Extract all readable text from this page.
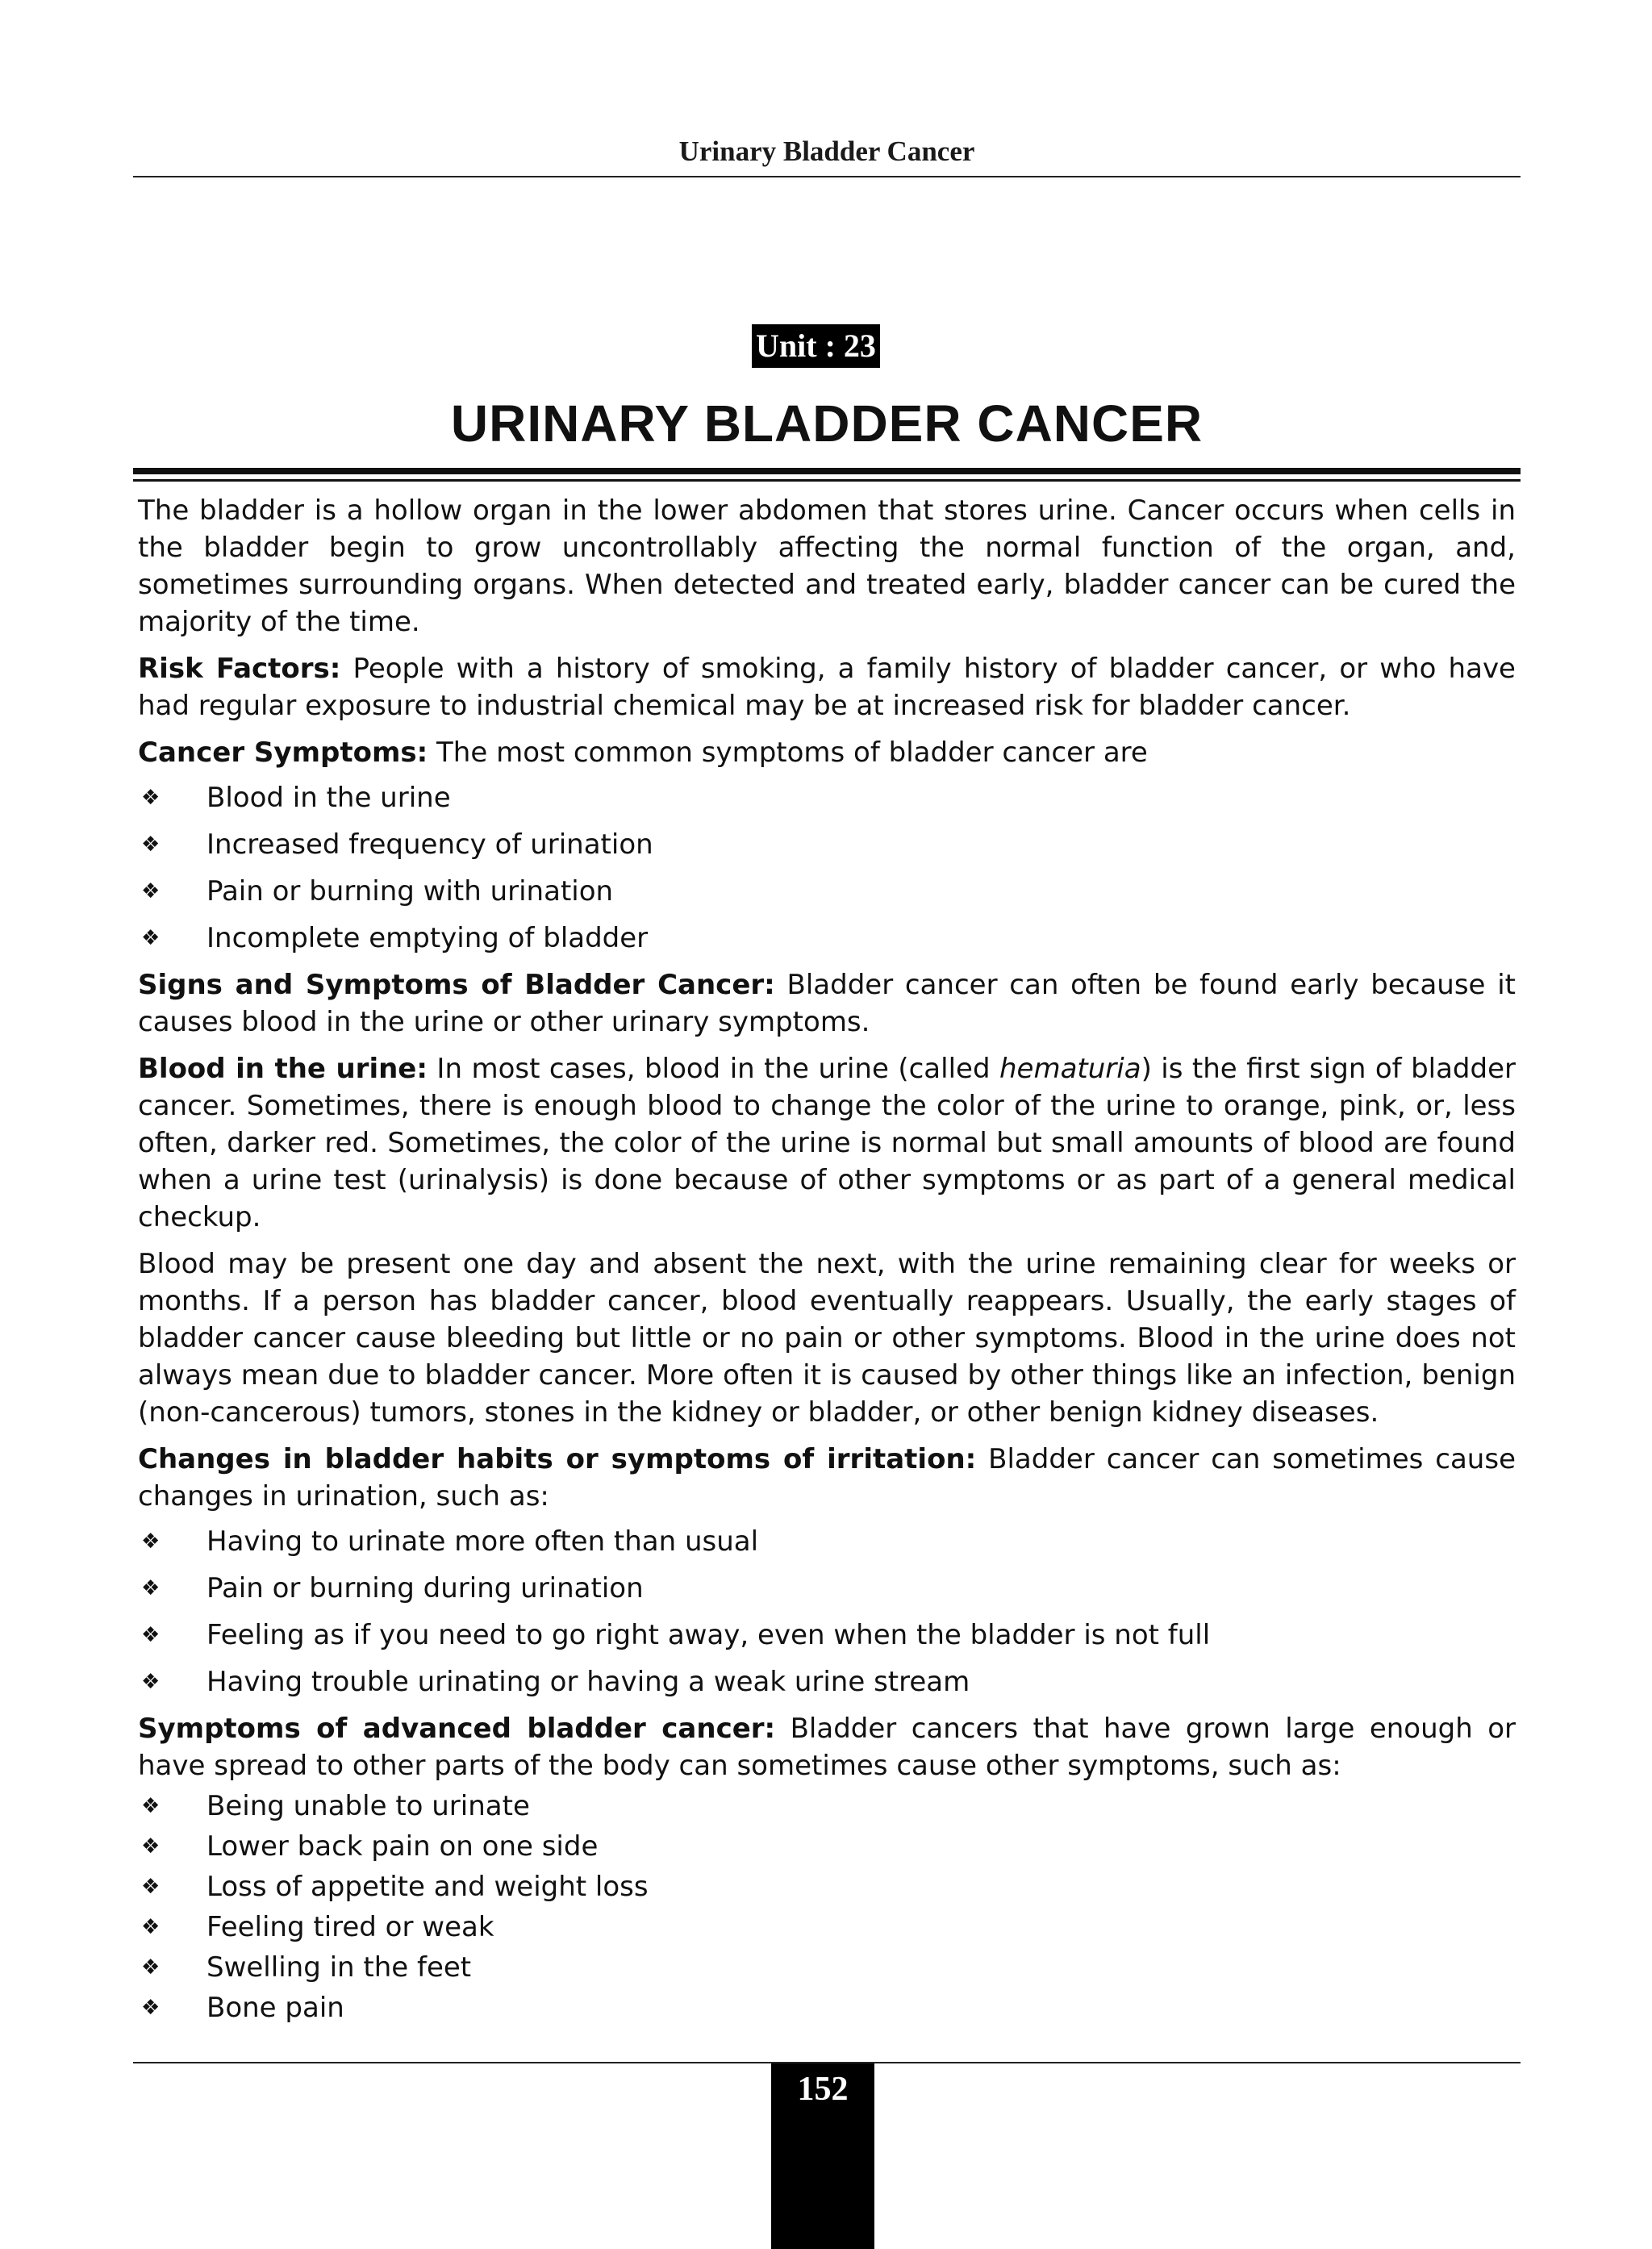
Urinary Bladder Cancer
Unit : 23
URINARY BLADDER CANCER

The bladder is a hollow organ in the lower abdomen that stores urine. Cancer occurs when cells in the bladder begin to grow uncontrollably affecting the normal function of the organ, and, sometimes surrounding organs. When detected and treated early, bladder cancer can be cured the majority of the time.

Risk Factors: People with a history of smoking, a family history of bladder cancer, or who have had regular exposure to industrial chemical may be at increased risk for bladder cancer.

Cancer Symptoms: The most common symptoms of bladder cancer are

❖ Blood in the urine
❖ Increased frequency of urination
❖ Pain or burning with urination
❖ Incomplete emptying of bladder

Signs and Symptoms of Bladder Cancer: Bladder cancer can often be found early because it causes blood in the urine or other urinary symptoms.

Blood in the urine: In most cases, blood in the urine (called hematuria) is the first sign of bladder cancer. Sometimes, there is enough blood to change the color of the urine to orange, pink, or, less often, darker red. Sometimes, the color of the urine is normal but small amounts of blood are found when a urine test (urinalysis) is done because of other symptoms or as part of a general medical checkup.

Blood may be present one day and absent the next, with the urine remaining clear for weeks or months. If a person has bladder cancer, blood eventually reappears. Usually, the early stages of bladder cancer cause bleeding but little or no pain or other symptoms. Blood in the urine does not always mean due to bladder cancer. More often it is caused by other things like an infection, benign (non-cancerous) tumors, stones in the kidney or bladder, or other benign kidney diseases.

Changes in bladder habits or symptoms of irritation: Bladder cancer can sometimes cause changes in urination, such as:

❖ Having to urinate more often than usual
❖ Pain or burning during urination
❖ Feeling as if you need to go right away, even when the bladder is not full
❖ Having trouble urinating or having a weak urine stream

Symptoms of advanced bladder cancer: Bladder cancers that have grown large enough or have spread to other parts of the body can sometimes cause other symptoms, such as:

❖ Being unable to urinate
❖ Lower back pain on one side
❖ Loss of appetite and weight loss
❖ Feeling tired or weak
❖ Swelling in the feet
❖ Bone pain
152
